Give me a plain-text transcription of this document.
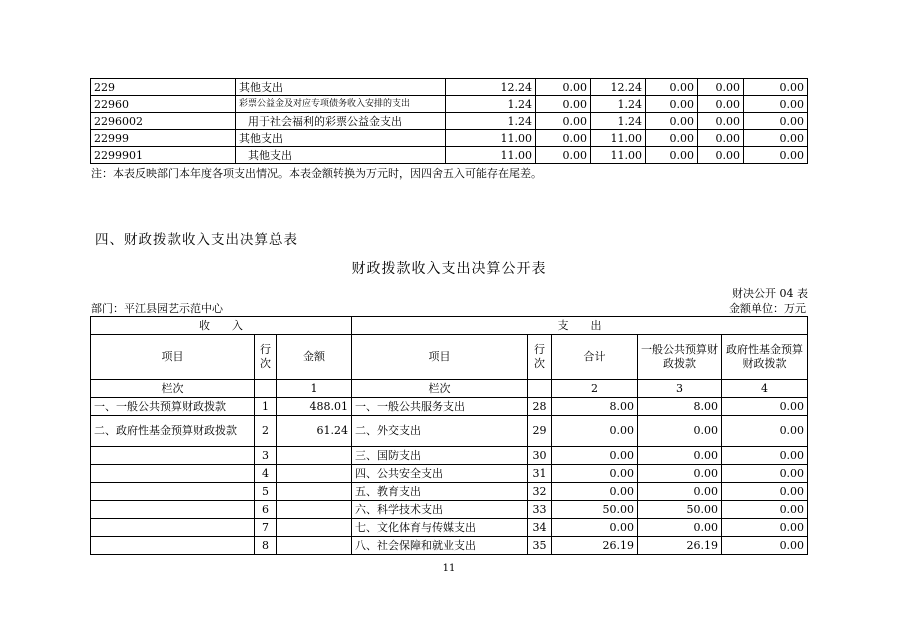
229	其他支出	12.24	0.00	12.24	0.00	0.00	0.00
22960	彩票公益金及对应专项债务收入安排的支出	1.24	0.00	1.24	0.00	0.00	0.00
2296002	用于社会福利的彩票公益金支出	1.24	0.00	1.24	0.00	0.00	0.00
22999	其他支出	11.00	0.00	11.00	0.00	0.00	0.00
2299901	其他支出	11.00	0.00	11.00	0.00	0.00	0.00
注：本表反映部门本年度各项支出情况。本表金额转换为万元时，因四舍五入可能存在尾差。
四、财政拨款收入支出决算总表
财政拨款收入支出决算公开表
财决公开 04 表
部门：平江县园艺示范中心	金额单位：万元
收　　入			支　　出				
项目	行次	金额	项目	行次	合计	一般公共预算财政拨款	政府性基金预算财政拨款
栏次		1	栏次		2	3	4
一、一般公共预算财政拨款	1	488.01	一、一般公共服务支出	28	8.00	8.00	0.00
二、政府性基金预算财政拨款	2	61.24	二、外交支出	29	0.00	0.00	0.00
	3		三、国防支出	30	0.00	0.00	0.00
	4		四、公共安全支出	31	0.00	0.00	0.00
	5		五、教育支出	32	0.00	0.00	0.00
	6		六、科学技术支出	33	50.00	50.00	0.00
	7		七、文化体育与传媒支出	34	0.00	0.00	0.00
	8		八、社会保障和就业支出	35	26.19	26.19	0.00
11
